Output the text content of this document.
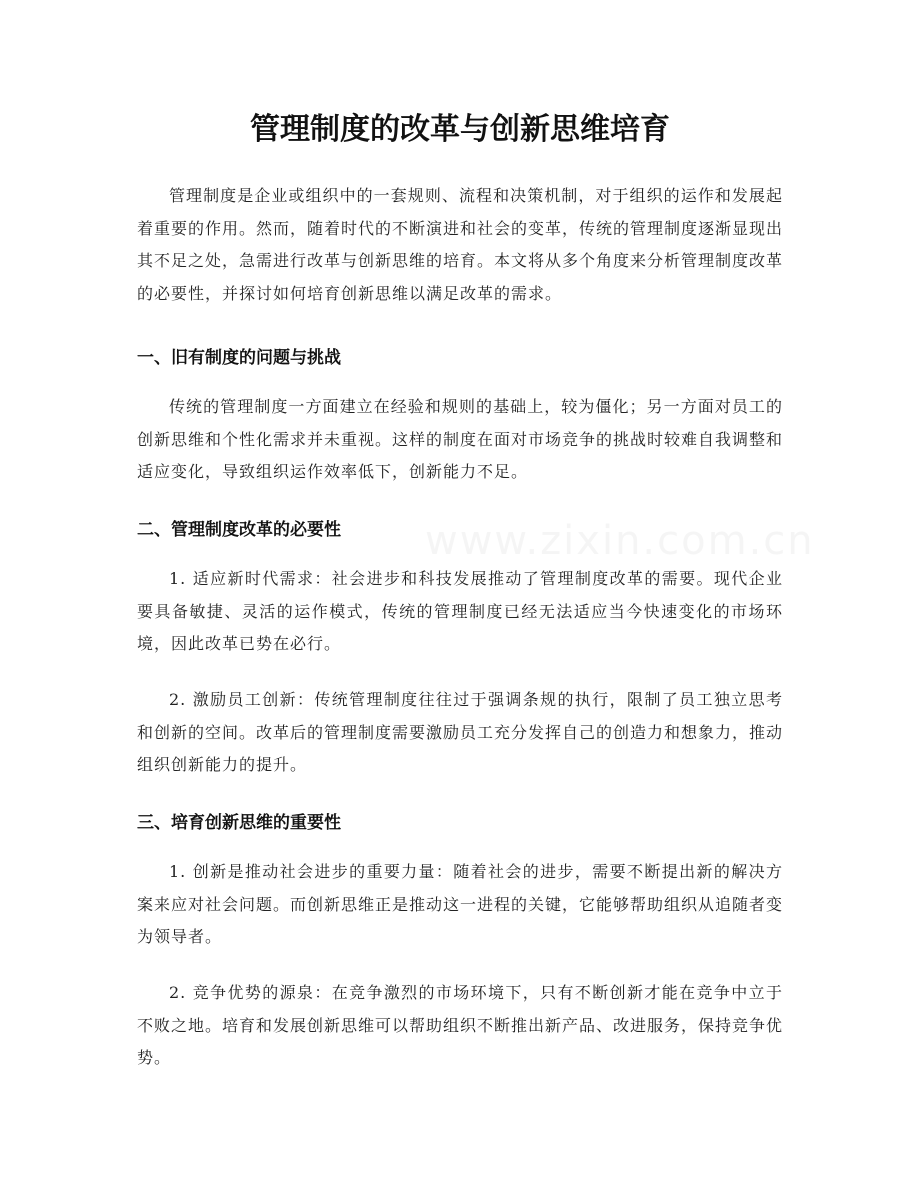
管理制度的改革与创新思维培育

管理制度是企业或组织中的一套规则、流程和决策机制，对于组织的运作和发展起着重要的作用。然而，随着时代的不断演进和社会的变革，传统的管理制度逐渐显现出其不足之处，急需进行改革与创新思维的培育。本文将从多个角度来分析管理制度改革的必要性，并探讨如何培育创新思维以满足改革的需求。

一、旧有制度的问题与挑战

传统的管理制度一方面建立在经验和规则的基础上，较为僵化；另一方面对员工的创新思维和个性化需求并未重视。这样的制度在面对市场竞争的挑战时较难自我调整和适应变化，导致组织运作效率低下，创新能力不足。

二、管理制度改革的必要性

1. 适应新时代需求：社会进步和科技发展推动了管理制度改革的需要。现代企业要具备敏捷、灵活的运作模式，传统的管理制度已经无法适应当今快速变化的市场环境，因此改革已势在必行。

2. 激励员工创新：传统管理制度往往过于强调条规的执行，限制了员工独立思考和创新的空间。改革后的管理制度需要激励员工充分发挥自己的创造力和想象力，推动组织创新能力的提升。

三、培育创新思维的重要性

1. 创新是推动社会进步的重要力量：随着社会的进步，需要不断提出新的解决方案来应对社会问题。而创新思维正是推动这一进程的关键，它能够帮助组织从追随者变为领导者。

2. 竞争优势的源泉：在竞争激烈的市场环境下，只有不断创新才能在竞争中立于不败之地。培育和发展创新思维可以帮助组织不断推出新产品、改进服务，保持竞争优势。

www.zixin.com.cn
